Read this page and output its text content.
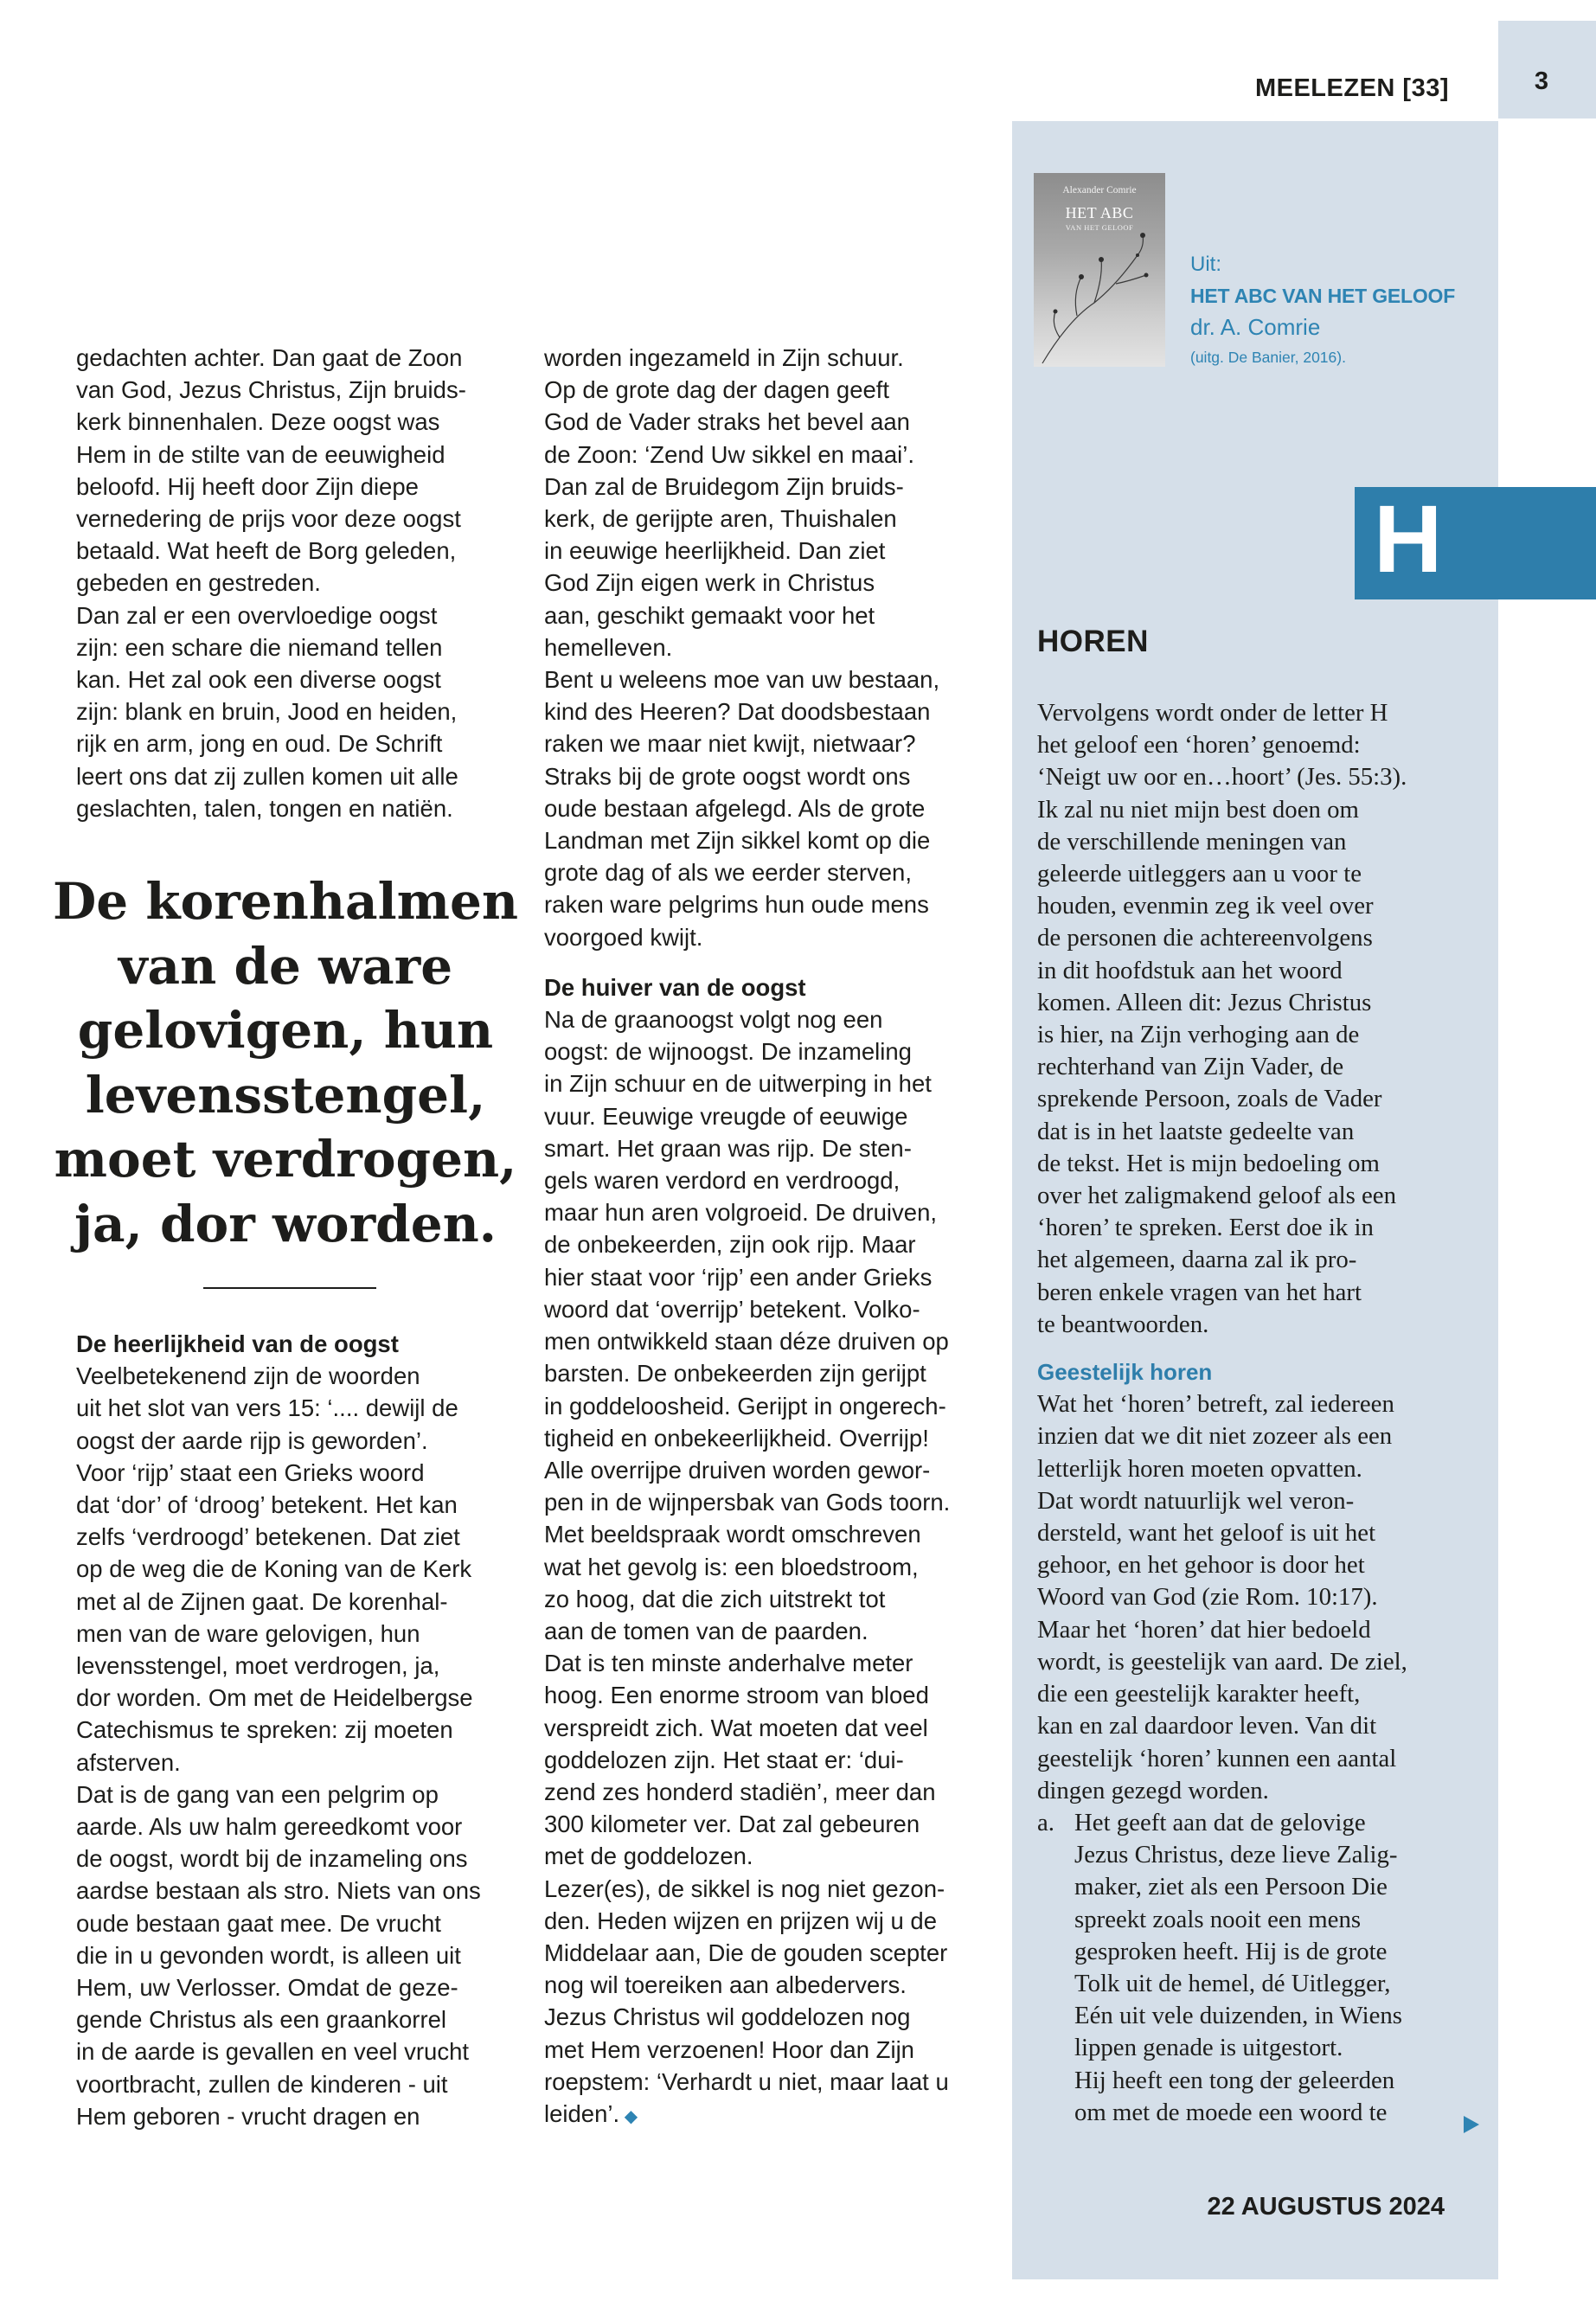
MEELEZEN [33]	3
gedachten achter. Dan gaat de Zoon
van God, Jezus Christus, Zijn bruids-
kerk binnenhalen. Deze oogst was
Hem in de stilte van de eeuwigheid
beloofd. Hij heeft door Zijn diepe
vernedering de prijs voor deze oogst
betaald. Wat heeft de Borg geleden,
gebeden en gestreden.
Dan zal er een overvloedige oogst
zijn: een schare die niemand tellen
kan. Het zal ook een diverse oogst
zijn: blank en bruin, Jood en heiden,
rijk en arm, jong en oud. De Schrift
leert ons dat zij zullen komen uit alle
geslachten, talen, tongen en natiën.
De korenhalmen
van de ware
gelovigen, hun
levensstengel,
moet verdrogen,
ja, dor worden.

De heerlijkheid van de oogst

Veelbetekenend zijn de woorden
uit het slot van vers 15: ‘.... dewijl de
oogst der aarde rijp is geworden’.
Voor ‘rijp’ staat een Grieks woord
dat ‘dor’ of ‘droog’ betekent. Het kan
zelfs ‘verdroogd’ betekenen. Dat ziet
op de weg die de Koning van de Kerk
met al de Zijnen gaat. De korenhal-
men van de ware gelovigen, hun
levensstengel, moet verdrogen, ja,
dor worden. Om met de Heidelbergse
Catechismus te spreken: zij moeten
afsterven.
Dat is de gang van een pelgrim op
aarde. Als uw halm gereedkomt voor
de oogst, wordt bij de inzameling ons
aardse bestaan als stro. Niets van ons
oude bestaan gaat mee. De vrucht
die in u gevonden wordt, is alleen uit
Hem, uw Verlosser. Omdat de geze-
gende Christus als een graankorrel
in de aarde is gevallen en veel vrucht
voortbracht, zullen de kinderen - uit
Hem geboren - vrucht dragen en
worden ingezameld in Zijn schuur.
Op de grote dag der dagen geeft
God de Vader straks het bevel aan
de Zoon: ‘Zend Uw sikkel en maai’.
Dan zal de Bruidegom Zijn bruids-
kerk, de gerijpte aren, Thuishalen
in eeuwige heerlijkheid. Dan ziet
God Zijn eigen werk in Christus
aan, geschikt gemaakt voor het
hemelleven.
Bent u weleens moe van uw bestaan,
kind des Heeren? Dat doodsbestaan
raken we maar niet kwijt, nietwaar?
Straks bij de grote oogst wordt ons
oude bestaan afgelegd. Als de grote
Landman met Zijn sikkel komt op die
grote dag of als we eerder sterven,
raken ware pelgrims hun oude mens
voorgoed kwijt.

De huiver van de oogst

Na de graanoogst volgt nog een
oogst: de wijnoogst. De inzameling
in Zijn schuur en de uitwerping in het
vuur. Eeuwige vreugde of eeuwige
smart. Het graan was rijp. De sten-
gels waren verdord en verdroogd,
maar hun aren volgroeid. De druiven,
de onbekeerden, zijn ook rijp. Maar
hier staat voor ‘rijp’ een ander Grieks
woord dat ‘overrijp’ betekent. Volko-
men ontwikkeld staan déze druiven op
barsten. De onbekeerden zijn gerijpt
in goddeloosheid. Gerijpt in ongerech-
tigheid en onbekeerlijkheid. Overrijp!
Alle overrijpe druiven worden gewor-
pen in de wijnpersbak van Gods toorn.
Met beeldspraak wordt omschreven
wat het gevolg is: een bloedstroom,
zo hoog, dat die zich uitstrekt tot
aan de tomen van de paarden.
Dat is ten minste anderhalve meter
hoog. Een enorme stroom van bloed
verspreidt zich. Wat moeten dat veel
goddelozen zijn. Het staat er: ‘dui-
zend zes honderd stadiën’, meer dan
300 kilometer ver. Dat zal gebeuren
met de goddelozen.
Lezer(es), de sikkel is nog niet gezon-
den. Heden wijzen en prijzen wij u de
Middelaar aan, Die de gouden scepter
nog wil toereiken aan albedervers.
Jezus Christus wil goddelozen nog
met Hem verzoenen! Hoor dan Zijn
roepstem: ‘Verhardt u niet, maar laat u
leiden’. ◆
Alexander Comrie
HET ABC
VAN HET GELOOF
Uit:
HET ABC VAN HET GELOOF
dr. A. Comrie
(uitg. De Banier, 2016).
H
HOREN
Vervolgens wordt onder de letter H
het geloof een ‘horen’ genoemd:
‘Neigt uw oor en…hoort’ (Jes. 55:3).
Ik zal nu niet mijn best doen om
de verschillende meningen van
geleerde uitleggers aan u voor te
houden, evenmin zeg ik veel over
de personen die achtereenvolgens
in dit hoofdstuk aan het woord
komen. Alleen dit: Jezus Christus
is hier, na Zijn verhoging aan de
rechterhand van Zijn Vader, de
sprekende Persoon, zoals de Vader
dat is in het laatste gedeelte van
de tekst. Het is mijn bedoeling om
over het zaligmakend geloof als een
‘horen’ te spreken. Eerst doe ik in
het algemeen, daarna zal ik pro-
beren enkele vragen van het hart
te beantwoorden.
Geestelijk horen
Wat het ‘horen’ betreft, zal iedereen
inzien dat we dit niet zozeer als een
letterlijk horen moeten opvatten.
Dat wordt natuurlijk wel veron-
dersteld, want het geloof is uit het
gehoor, en het gehoor is door het
Woord van God (zie Rom. 10:17).
Maar het ‘horen’ dat hier bedoeld
wordt, is geestelijk van aard. De ziel,
die een geestelijk karakter heeft,
kan en zal daardoor leven. Van dit
geestelijk ‘horen’ kunnen een aantal
dingen gezegd worden.
a. Het geeft aan dat de gelovige
Jezus Christus, deze lieve Zalig-
maker, ziet als een Persoon Die
spreekt zoals nooit een mens
gesproken heeft. Hij is de grote
Tolk uit de hemel, dé Uitlegger,
Eén uit vele duizenden, in Wiens
lippen genade is uitgestort.
Hij heeft een tong der geleerden
om met de moede een woord te
22 AUGUSTUS 2024
